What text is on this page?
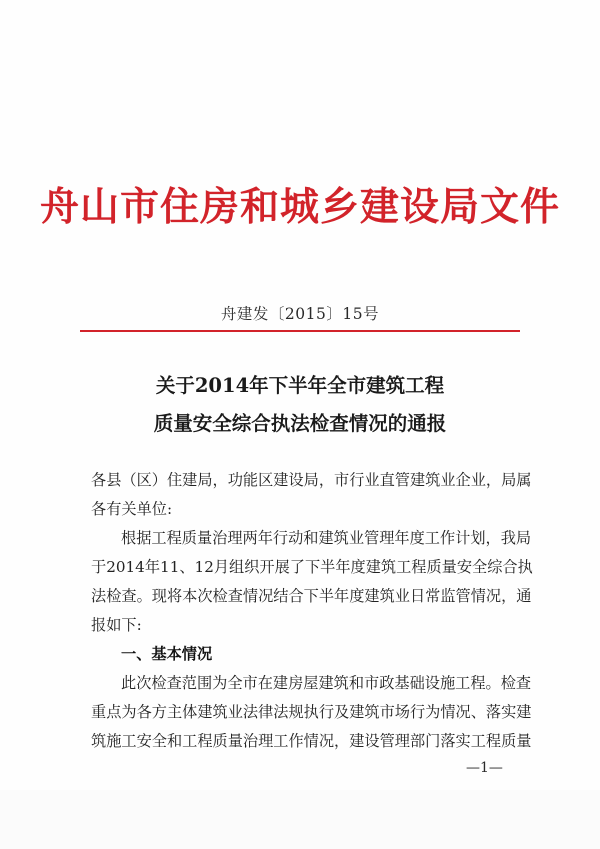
舟山市住房和城乡建设局文件
舟建发〔2015〕15号
关于2014年下半年全市建筑工程
质量安全综合执法检查情况的通报
各县（区）住建局，功能区建设局，市行业直管建筑业企业，局属
各有关单位:
根据工程质量治理两年行动和建筑业管理年度工作计划，我局
于2014年11、12月组织开展了下半年度建筑工程质量安全综合执
法检查。现将本次检查情况结合下半年度建筑业日常监管情况，通
报如下:
一、基本情况
此次检查范围为全市在建房屋建筑和市政基础设施工程。检查
重点为各方主体建筑业法律法规执行及建筑市场行为情况、落实建
筑施工安全和工程质量治理工作情况，建设管理部门落实工程质量
—1—
